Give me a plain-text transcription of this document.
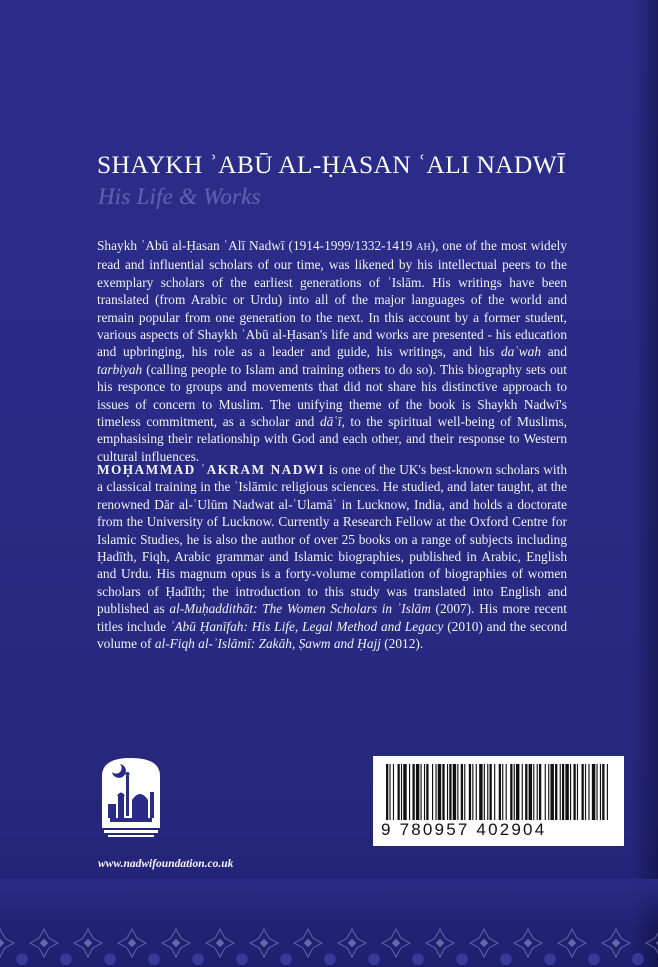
SHAYKH ʾABŪ AL-ḤASAN ʿALI NADWĪ
His Life & Works
Shaykh ʾAbū al-Ḥasan ʿAlī Nadwī (1914-1999/1332-1419 AH), one of the most widely read and influential scholars of our time, was likened by his intellectual peers to the exemplary scholars of the earliest generations of ʾIslām. His writings have been translated (from Arabic or Urdu) into all of the major languages of the world and remain popular from one generation to the next. In this account by a former student, various aspects of Shaykh ʾAbū al-Ḥasan's life and works are presented - his education and upbringing, his role as a leader and guide, his writings, and his daʿwah and tarbiyah (calling people to Islam and training others to do so). This biography sets out his responce to groups and movements that did not share his distinctive approach to issues of concern to Muslim. The unifying theme of the book is Shaykh Nadwī's timeless commitment, as a scholar and dāʿī, to the spiritual well-being of Muslims, emphasising their relationship with God and each other, and their response to Western cultural influences.
MOḤAMMAD ʾAKRAM NADWI is one of the UK's best-known scholars with a classical training in the ʾIslāmic religious sciences. He studied, and later taught, at the renowned Dār al-ʿUlūm Nadwat al-ʿUlamāʾ in Lucknow, India, and holds a doctorate from the University of Lucknow. Currently a Research Fellow at the Oxford Centre for Islamic Studies, he is also the author of over 25 books on a range of subjects including Ḥadīth, Fiqh, Arabic grammar and Islamic biographies, published in Arabic, English and Urdu. His magnum opus is a forty-volume compilation of biographies of women scholars of Ḥadīth; the introduction to this study was translated into English and published as al-Muḥaddithāt: The Women Scholars in ʾIslām (2007). His more recent titles include ʾAbū Ḥanīfah: His Life, Legal Method and Legacy (2010) and the second volume of al-Fiqh al-ʾIslāmī: Zakāh, Ṣawm and Ḥajj (2012).
www.nadwifoundation.co.uk
9 780957 402904
